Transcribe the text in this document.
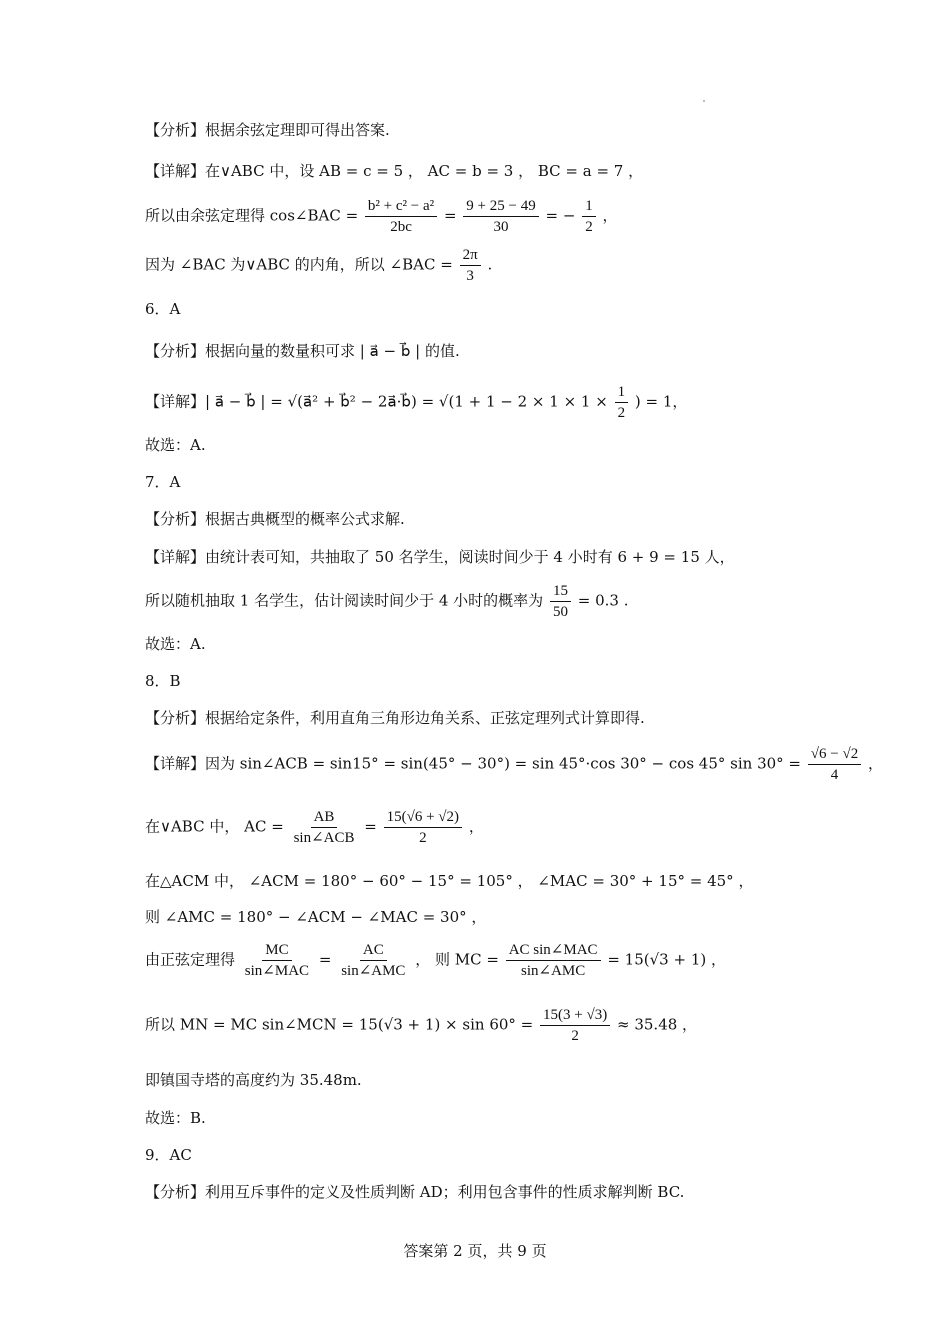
【分析】根据余弦定理即可得出答案.
【详解】在∨ABC 中，设 AB = c = 5 ， AC = b = 3 ， BC = a = 7 ，
所以由余弦定理得 cos∠BAC = $\frac{\text{b² + c² − a²}}{2bc} = \frac{9 + 25 - 49}{30}$ = − $\frac{1}{2}$ ，
因为 ∠BAC 为∨ABC 的内角，所以 ∠BAC = $\frac{2\pi}{3}$ .
6．A
【分析】根据向量的数量积可求 | a⃗ − b⃗ | 的值.
【详解】| a⃗ − b⃗ | = √(a⃗² + b⃗² − 2a⃗·b⃗) = $√(1 + 1 - 2 \times 1 \times 1 \times \frac{1}{2}$ ) = 1，
故选：A.
7．A
【分析】根据古典概型的概率公式求解.
【详解】由统计表可知，共抽取了 50 名学生，阅读时间少于 4 小时有 6 + 9 = 15 人，
所以随机抽取 1 名学生，估计阅读时间少于 4 小时的概率为 $\frac{15}{50} = 0.3$ .
故选：A.
8．B
【分析】根据给定条件，利用直角三角形边角关系、正弦定理列式计算即得.
【详解】因为 sin∠ACB = sin15° = sin(45° − 30°) = sin 45°·cos 30° − cos 45° $\sin 30^\circ = \frac{√6 - √2}{4}$ ，
在∨ABC 中， AC = $\frac{AB}{\text{sin∠ACB}} = \frac{15(√6 + √2)}{2}$ ，
在△ACM 中， ∠ACM = 180° − 60° − 15° = 105° ， ∠MAC = 30° + 15° = 45° ，
则 ∠AMC = 180° − ∠ACM − ∠MAC = 30° ，
由正弦定理得 $\frac{MC}{\text{sin∠MAC}} = \frac{AC}{\text{sin∠AMC}}$ ， 则 MC = $\frac{\text{AC sin∠MAC}}{\text{sin∠AMC}} = 15(√3 + 1)$ ，
所以 MN = MC sin∠MCN = $15(√3 + 1) \times \sin 60^\circ = \frac{15(3 + √3)}{2} \approx 35.48$ ，
即镇国寺塔的高度约为 35.48m.
故选：B.
9．AC
【分析】利用互斥事件的定义及性质判断 AD；利用包含事件的性质求解判断 BC.
答案第 2 页，共 9 页
